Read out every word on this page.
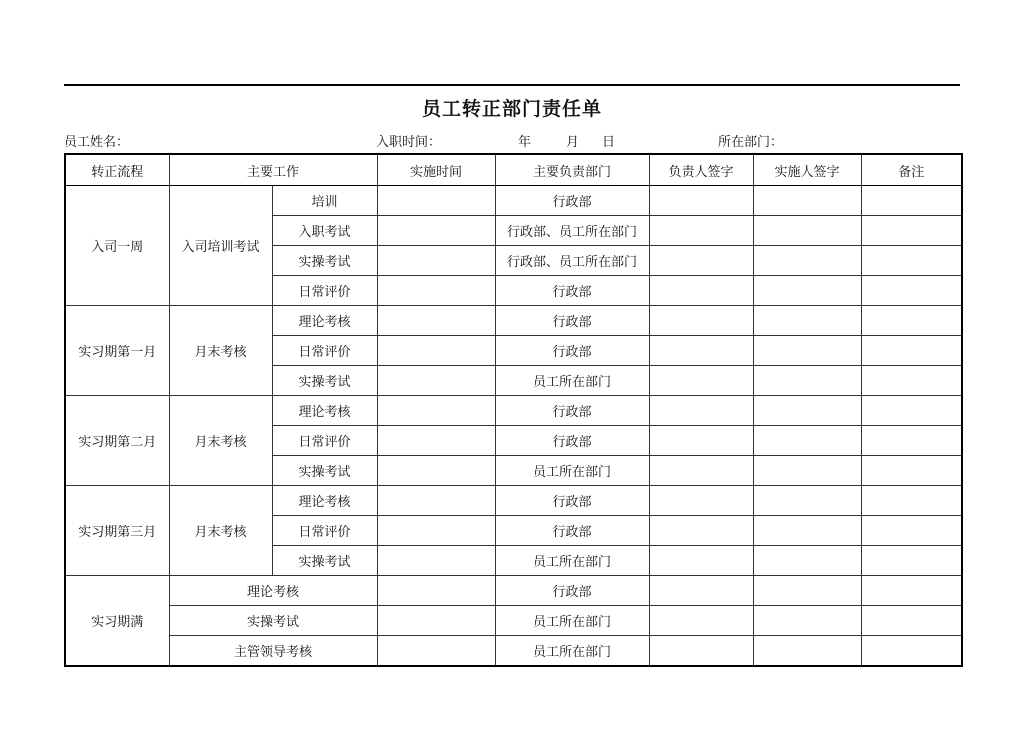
员工转正部门责任单
员工姓名：	入职时间：	年	月 日	所在部门：
转正流程	主要工作		实施时间	主要负责部门	负责人签字	实施人签字	备注
入司一周	入司培训考试	培训		行政部			
		入职考试		行政部、员工所在部门			
		实操考试		行政部、员工所在部门			
		日常评价		行政部			
实习期第一月	月末考核	理论考核		行政部			
		日常评价		行政部			
		实操考试		员工所在部门			
实习期第二月	月末考核	理论考核		行政部			
		日常评价		行政部			
		实操考试		员工所在部门			
实习期第三月	月末考核	理论考核		行政部			
		日常评价		行政部			
		实操考试		员工所在部门			
实习期满	理论考核			行政部			
	实操考试			员工所在部门			
	主管领导考核			员工所在部门			
